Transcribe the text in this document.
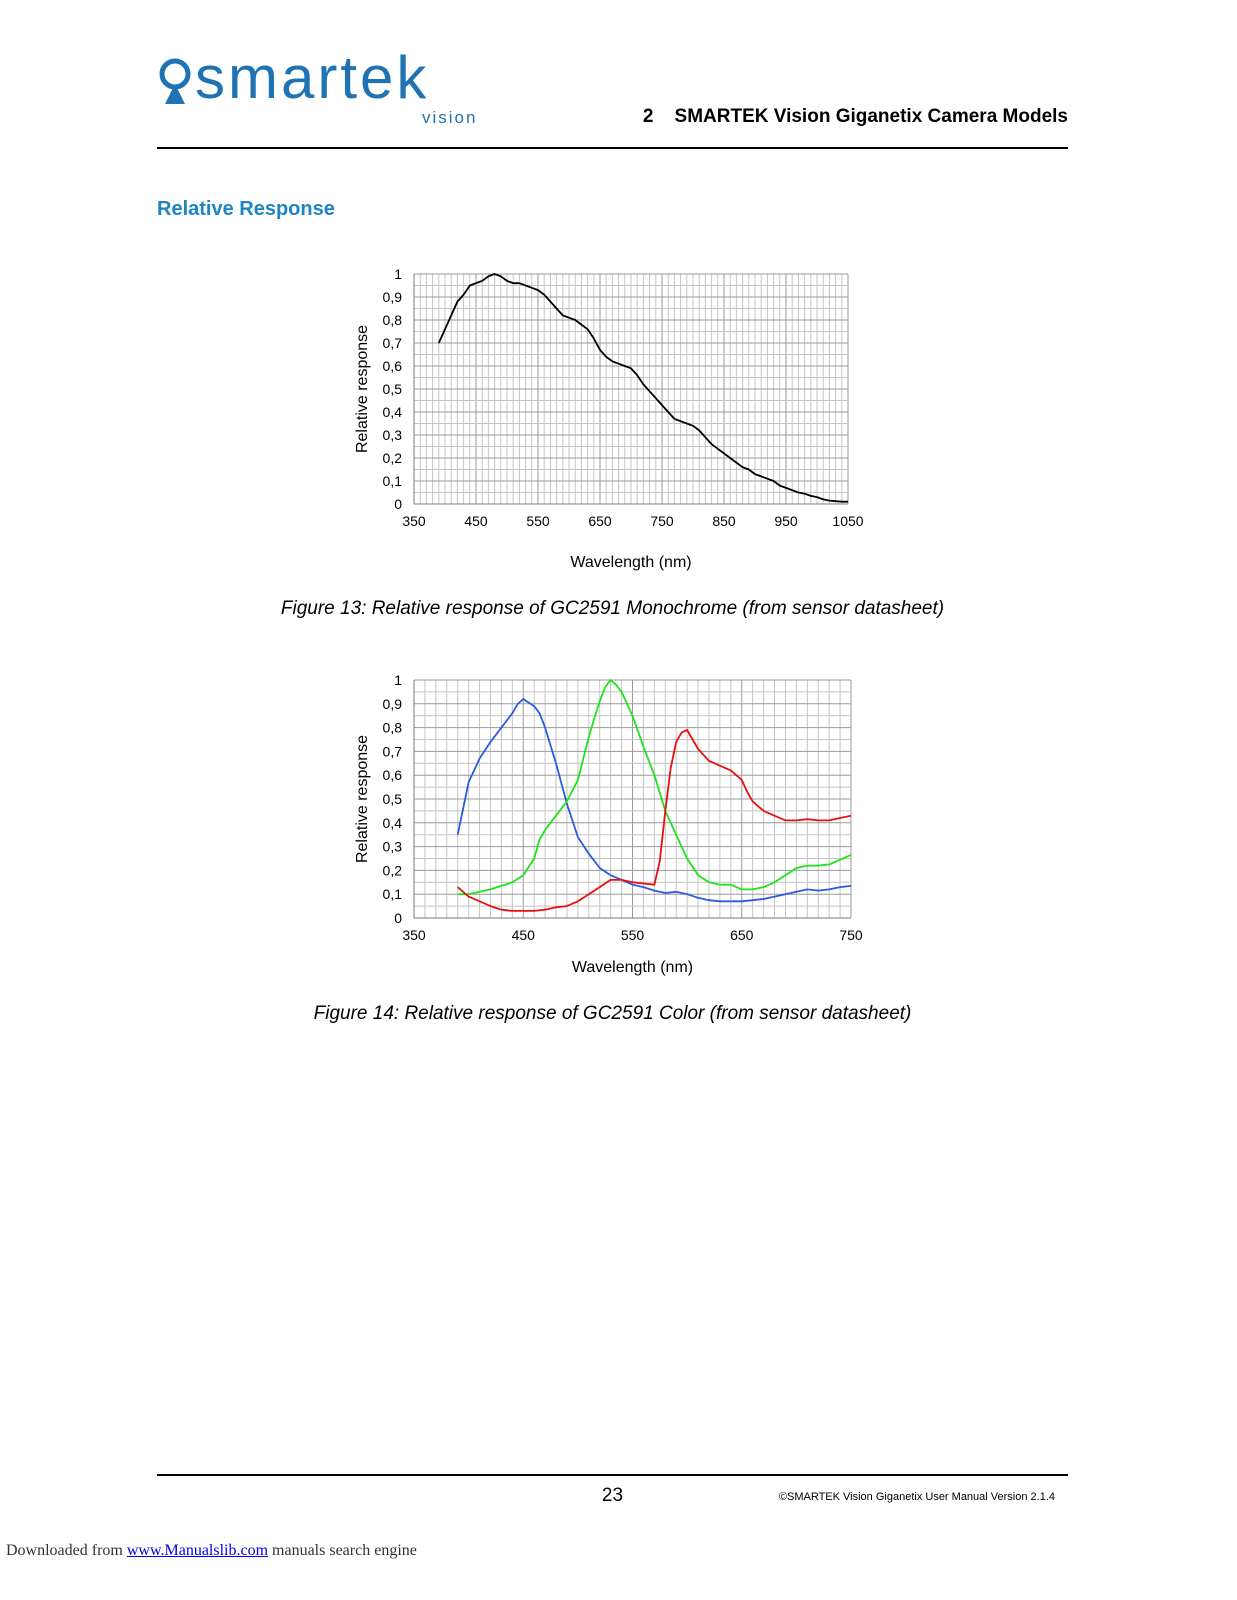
smartek
vision	2 SMARTEK Vision Giganetix Camera Models
Relative Response
0
0,1
0,2
0,3
0,4
0,5
0,6
0,7
0,8
0,9
1
350	450	550	650	750	850	950 1050
Wavelength (nm)
Relative response
Figure 13: Relative response of GC2591 Monochrome (from sensor datasheet)
0
0,1
0,2
0,3
0,4
0,5
0,6
0,7
0,8
0,9
1
350	450	550	650	750
Wavelength (nm)
Relative response
Figure 14: Relative response of GC2591 Color (from sensor datasheet)
23	©SMARTEK Vision Giganetix User Manual Version 2.1.4
Downloaded from www.Manualslib.com manuals search engine
